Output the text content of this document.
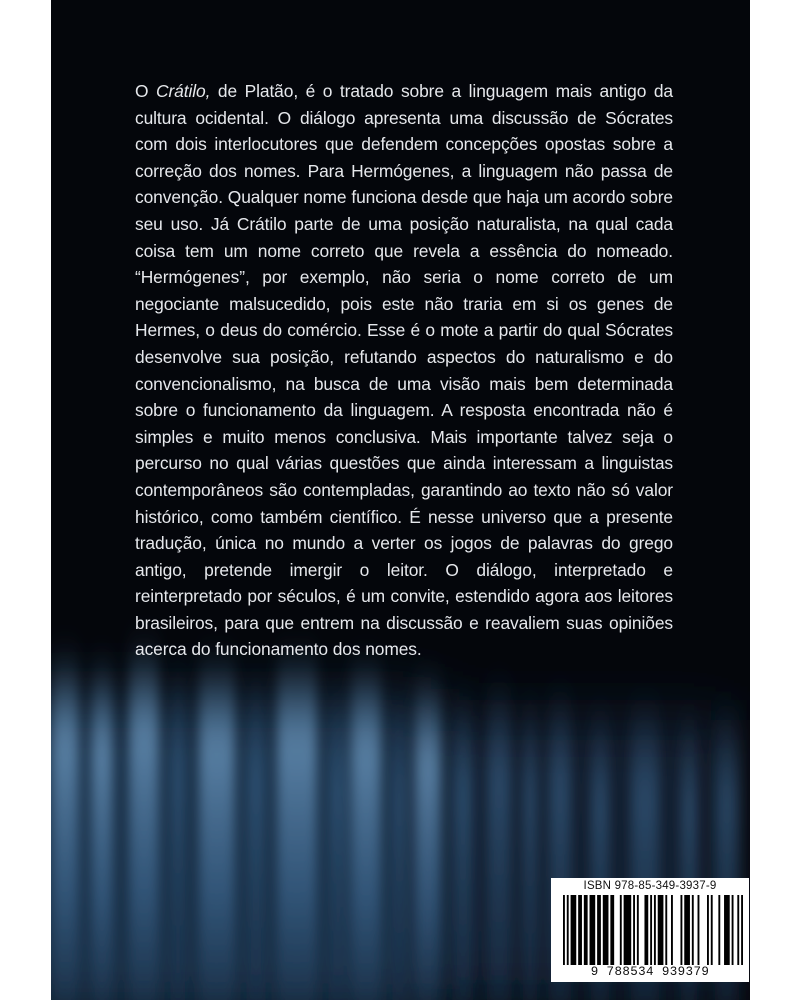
O Crátilo, de Platão, é o tratado sobre a linguagem mais antigo da cultura ocidental. O diálogo apresenta uma discussão de Sócrates com dois interlocutores que defendem concepções opostas sobre a correção dos nomes. Para Hermógenes, a linguagem não passa de convenção. Qualquer nome funciona desde que haja um acordo sobre seu uso. Já Crátilo parte de uma posição naturalista, na qual cada coisa tem um nome correto que revela a essência do nomeado. “Hermógenes”, por exemplo, não seria o nome correto de um negociante malsucedido, pois este não traria em si os genes de Hermes, o deus do comércio. Esse é o mote a partir do qual Sócrates desenvolve sua posição, refutando aspectos do naturalismo e do convencionalismo, na busca de uma visão mais bem determinada sobre o funcionamento da linguagem. A resposta encontrada não é simples e muito menos conclusiva. Mais importante talvez seja o percurso no qual várias questões que ainda interessam a linguistas contemporâneos são contempladas, garantindo ao texto não só valor histórico, como também científico. É nesse universo que a presente tradução, única no mundo a verter os jogos de palavras do grego antigo, pretende imergir o leitor. O diálogo, interpretado e reinterpretado por séculos, é um convite, estendido agora aos leitores brasileiros, para que entrem na discussão e reavaliem suas opiniões acerca do funcionamento dos nomes.

ISBN 978-85-349-3937-9
9 788534 939379
